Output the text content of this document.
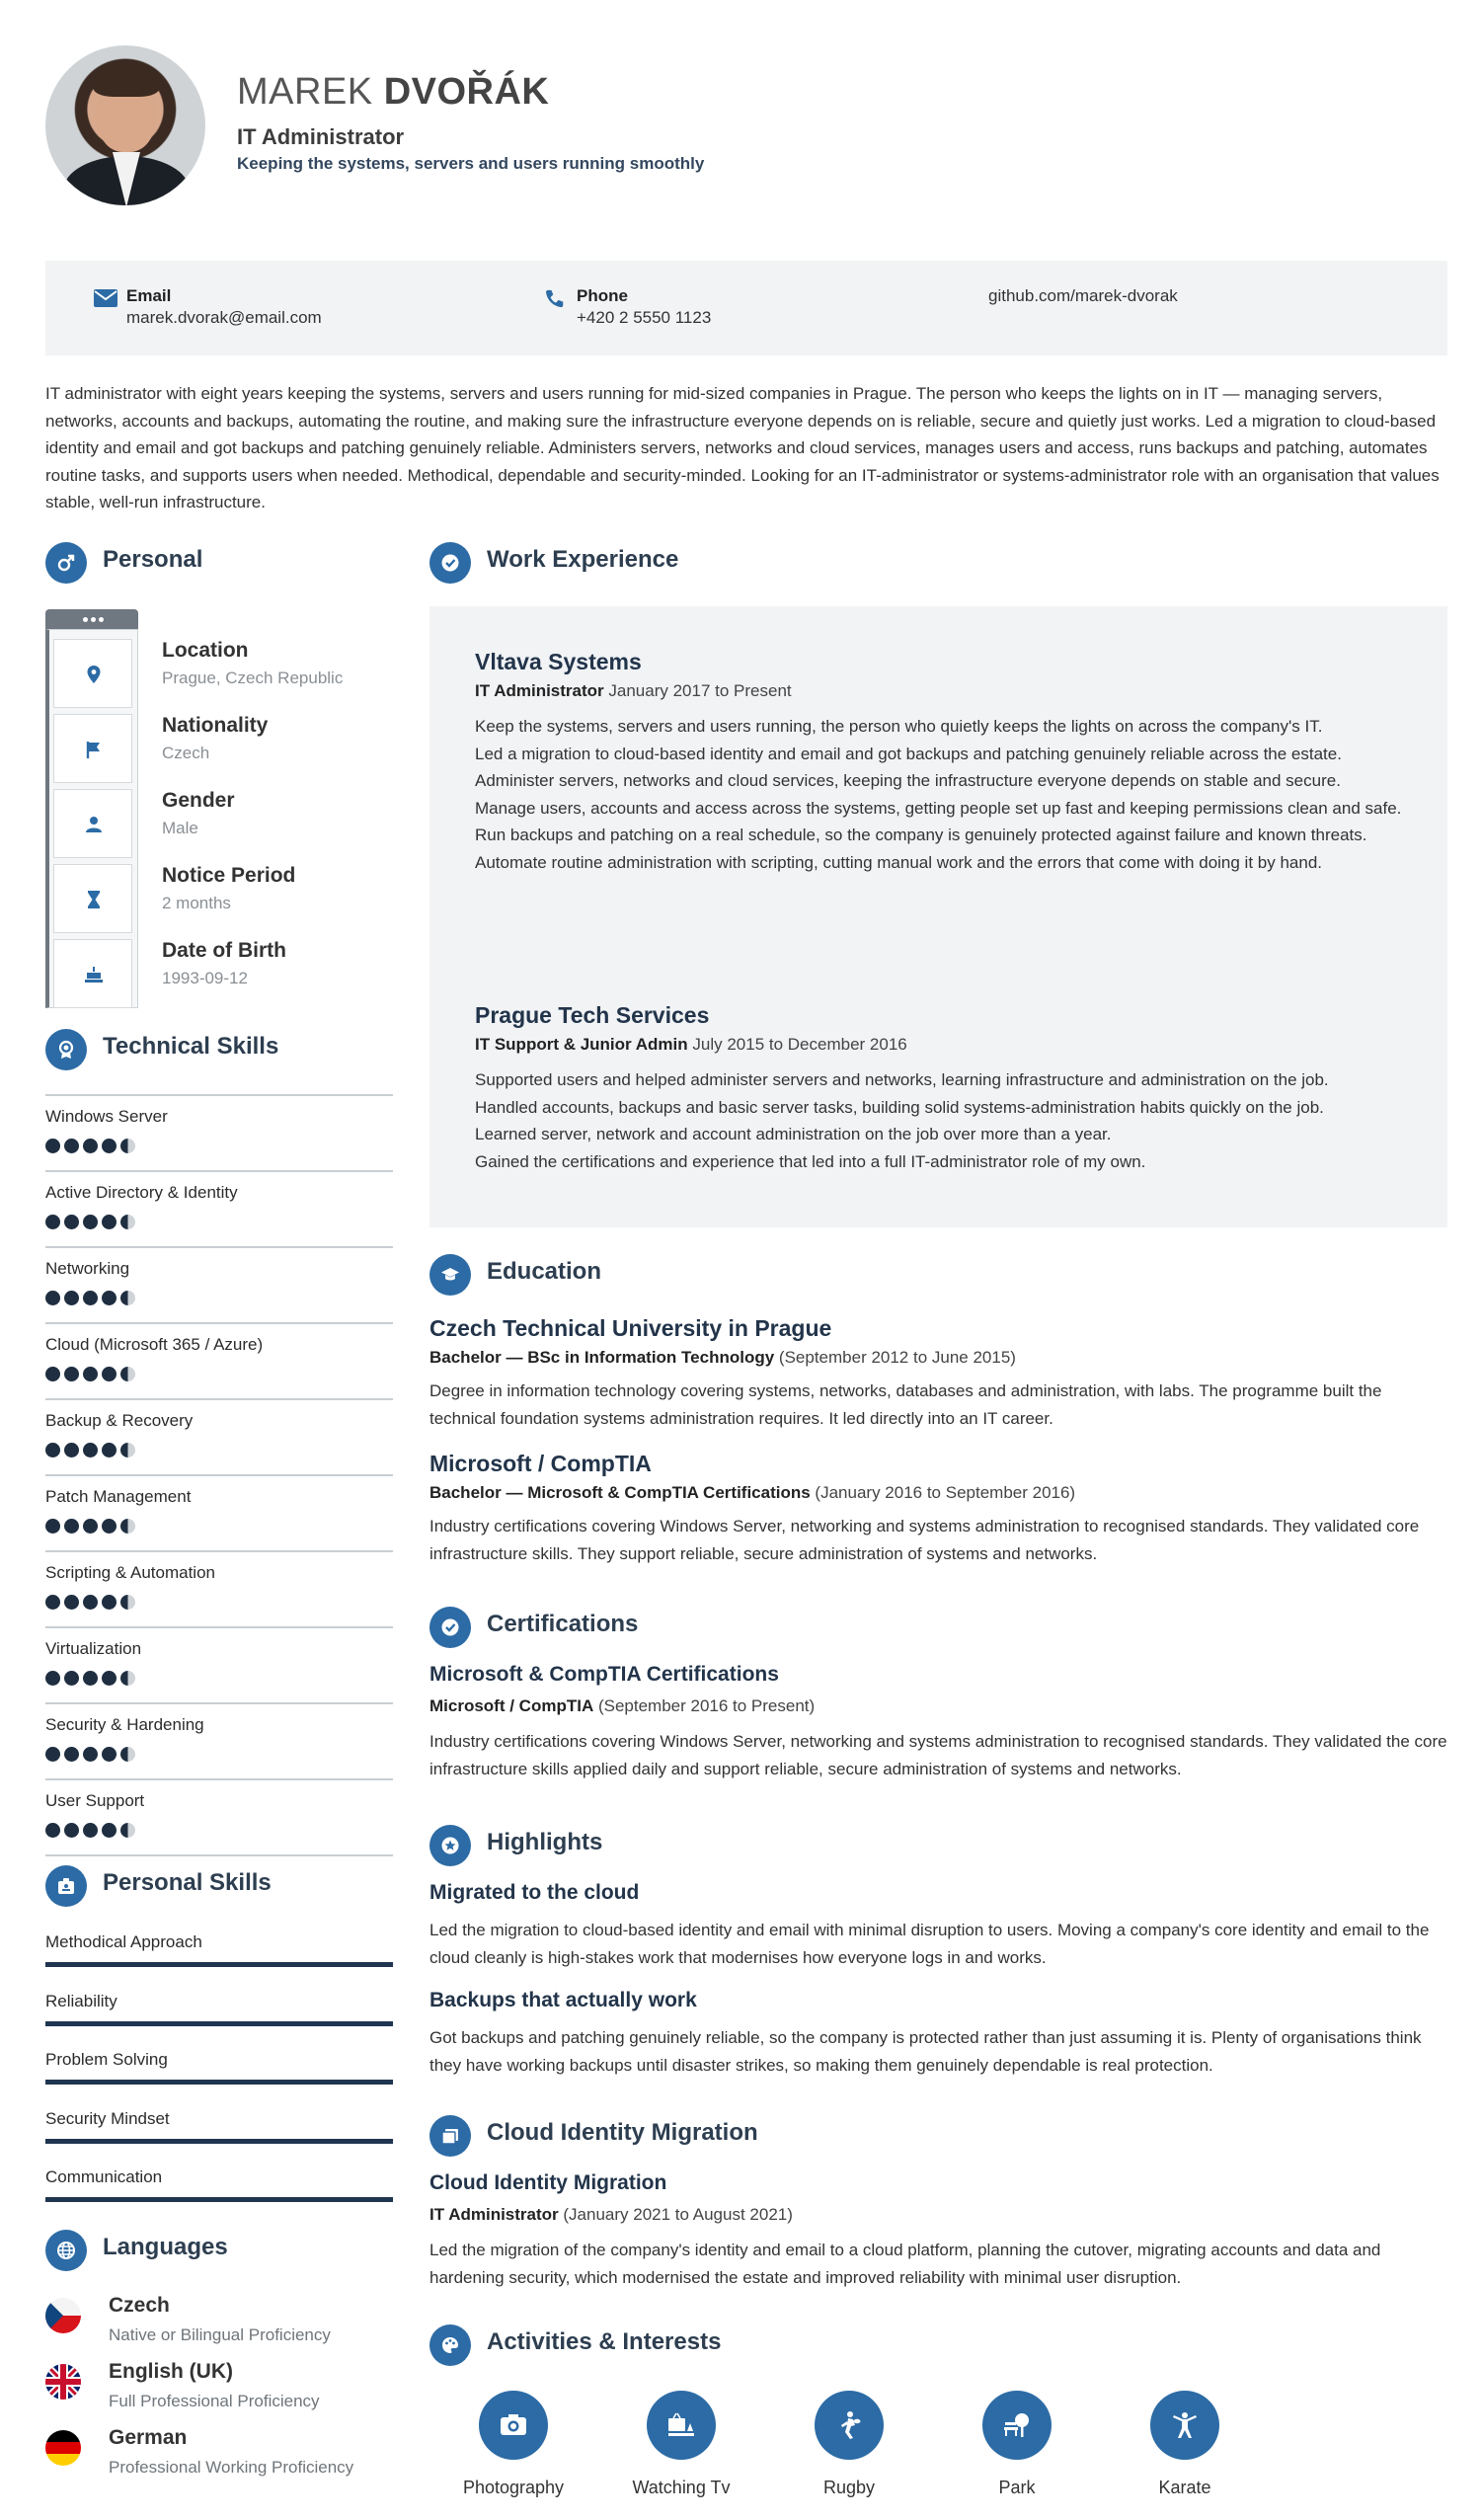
MAREK DVOŘÁK
IT Administrator
Keeping the systems, servers and users running smoothly
Email
marek.dvorak@email.com
Phone
+420 2 5550 1123
github.com/marek-dvorak
IT administrator with eight years keeping the systems, servers and users running for mid-sized companies in Prague. The person who keeps the lights on in IT — managing servers, networks, accounts and backups, automating the routine, and making sure the infrastructure everyone depends on is reliable, secure and quietly just works. Led a migration to cloud-based identity and email and got backups and patching genuinely reliable. Administers servers, networks and cloud services, manages users and access, runs backups and patching, automates routine tasks, and supports users when needed. Methodical, dependable and security-minded. Looking for an IT-administrator or systems-administrator role with an organisation that values stable, well-run infrastructure.
Personal
Location
Prague, Czech Republic
Nationality
Czech
Gender
Male
Notice Period
2 months
Date of Birth
1993-09-12
Technical Skills
Windows Server
Active Directory & Identity
Networking
Cloud (Microsoft 365 / Azure)
Backup & Recovery
Patch Management
Scripting & Automation
Virtualization
Security & Hardening
User Support
Personal Skills
Methodical Approach
Reliability
Problem Solving
Security Mindset
Communication
Languages
Czech
Native or Bilingual Proficiency
English (UK)
Full Professional Proficiency
German
Professional Working Proficiency
Work Experience
Vltava Systems
IT Administrator January 2017 to Present

Keep the systems, servers and users running, the person who quietly keeps the lights on across the company's IT.

Led a migration to cloud-based identity and email and got backups and patching genuinely reliable across the estate.

Administer servers, networks and cloud services, keeping the infrastructure everyone depends on stable and secure.

Manage users, accounts and access across the systems, getting people set up fast and keeping permissions clean and safe.

Run backups and patching on a real schedule, so the company is genuinely protected against failure and known threats.

Automate routine administration with scripting, cutting manual work and the errors that come with doing it by hand.

Prague Tech Services
IT Support & Junior Admin July 2015 to December 2016

Supported users and helped administer servers and networks, learning infrastructure and administration on the job.

Handled accounts, backups and basic server tasks, building solid systems-administration habits quickly on the job.

Learned server, network and account administration on the job over more than a year.

Gained the certifications and experience that led into a full IT-administrator role of my own.

Education
Czech Technical University in Prague
Bachelor — BSc in Information Technology (September 2012 to June 2015)
Degree in information technology covering systems, networks, databases and administration, with labs. The programme built the technical foundation systems administration requires. It led directly into an IT career.
Microsoft / CompTIA
Bachelor — Microsoft & CompTIA Certifications (January 2016 to September 2016)
Industry certifications covering Windows Server, networking and systems administration to recognised standards. They validated core infrastructure skills. They support reliable, secure administration of systems and networks.
Certifications
Microsoft & CompTIA Certifications
Microsoft / CompTIA (September 2016 to Present)
Industry certifications covering Windows Server, networking and systems administration to recognised standards. They validated the core infrastructure skills applied daily and support reliable, secure administration of systems and networks.
Highlights
Migrated to the cloud
Led the migration to cloud-based identity and email with minimal disruption to users. Moving a company's core identity and email to the cloud cleanly is high-stakes work that modernises how everyone logs in and works.
Backups that actually work
Got backups and patching genuinely reliable, so the company is protected rather than just assuming it is. Plenty of organisations think they have working backups until disaster strikes, so making them genuinely dependable is real protection.
Cloud Identity Migration
Cloud Identity Migration
IT Administrator (January 2021 to August 2021)
Led the migration of the company's identity and email to a cloud platform, planning the cutover, migrating accounts and data and hardening security, which modernised the estate and improved reliability with minimal user disruption.
Activities & Interests
Photography	Watching Tv	Rugby	Park	Karate
